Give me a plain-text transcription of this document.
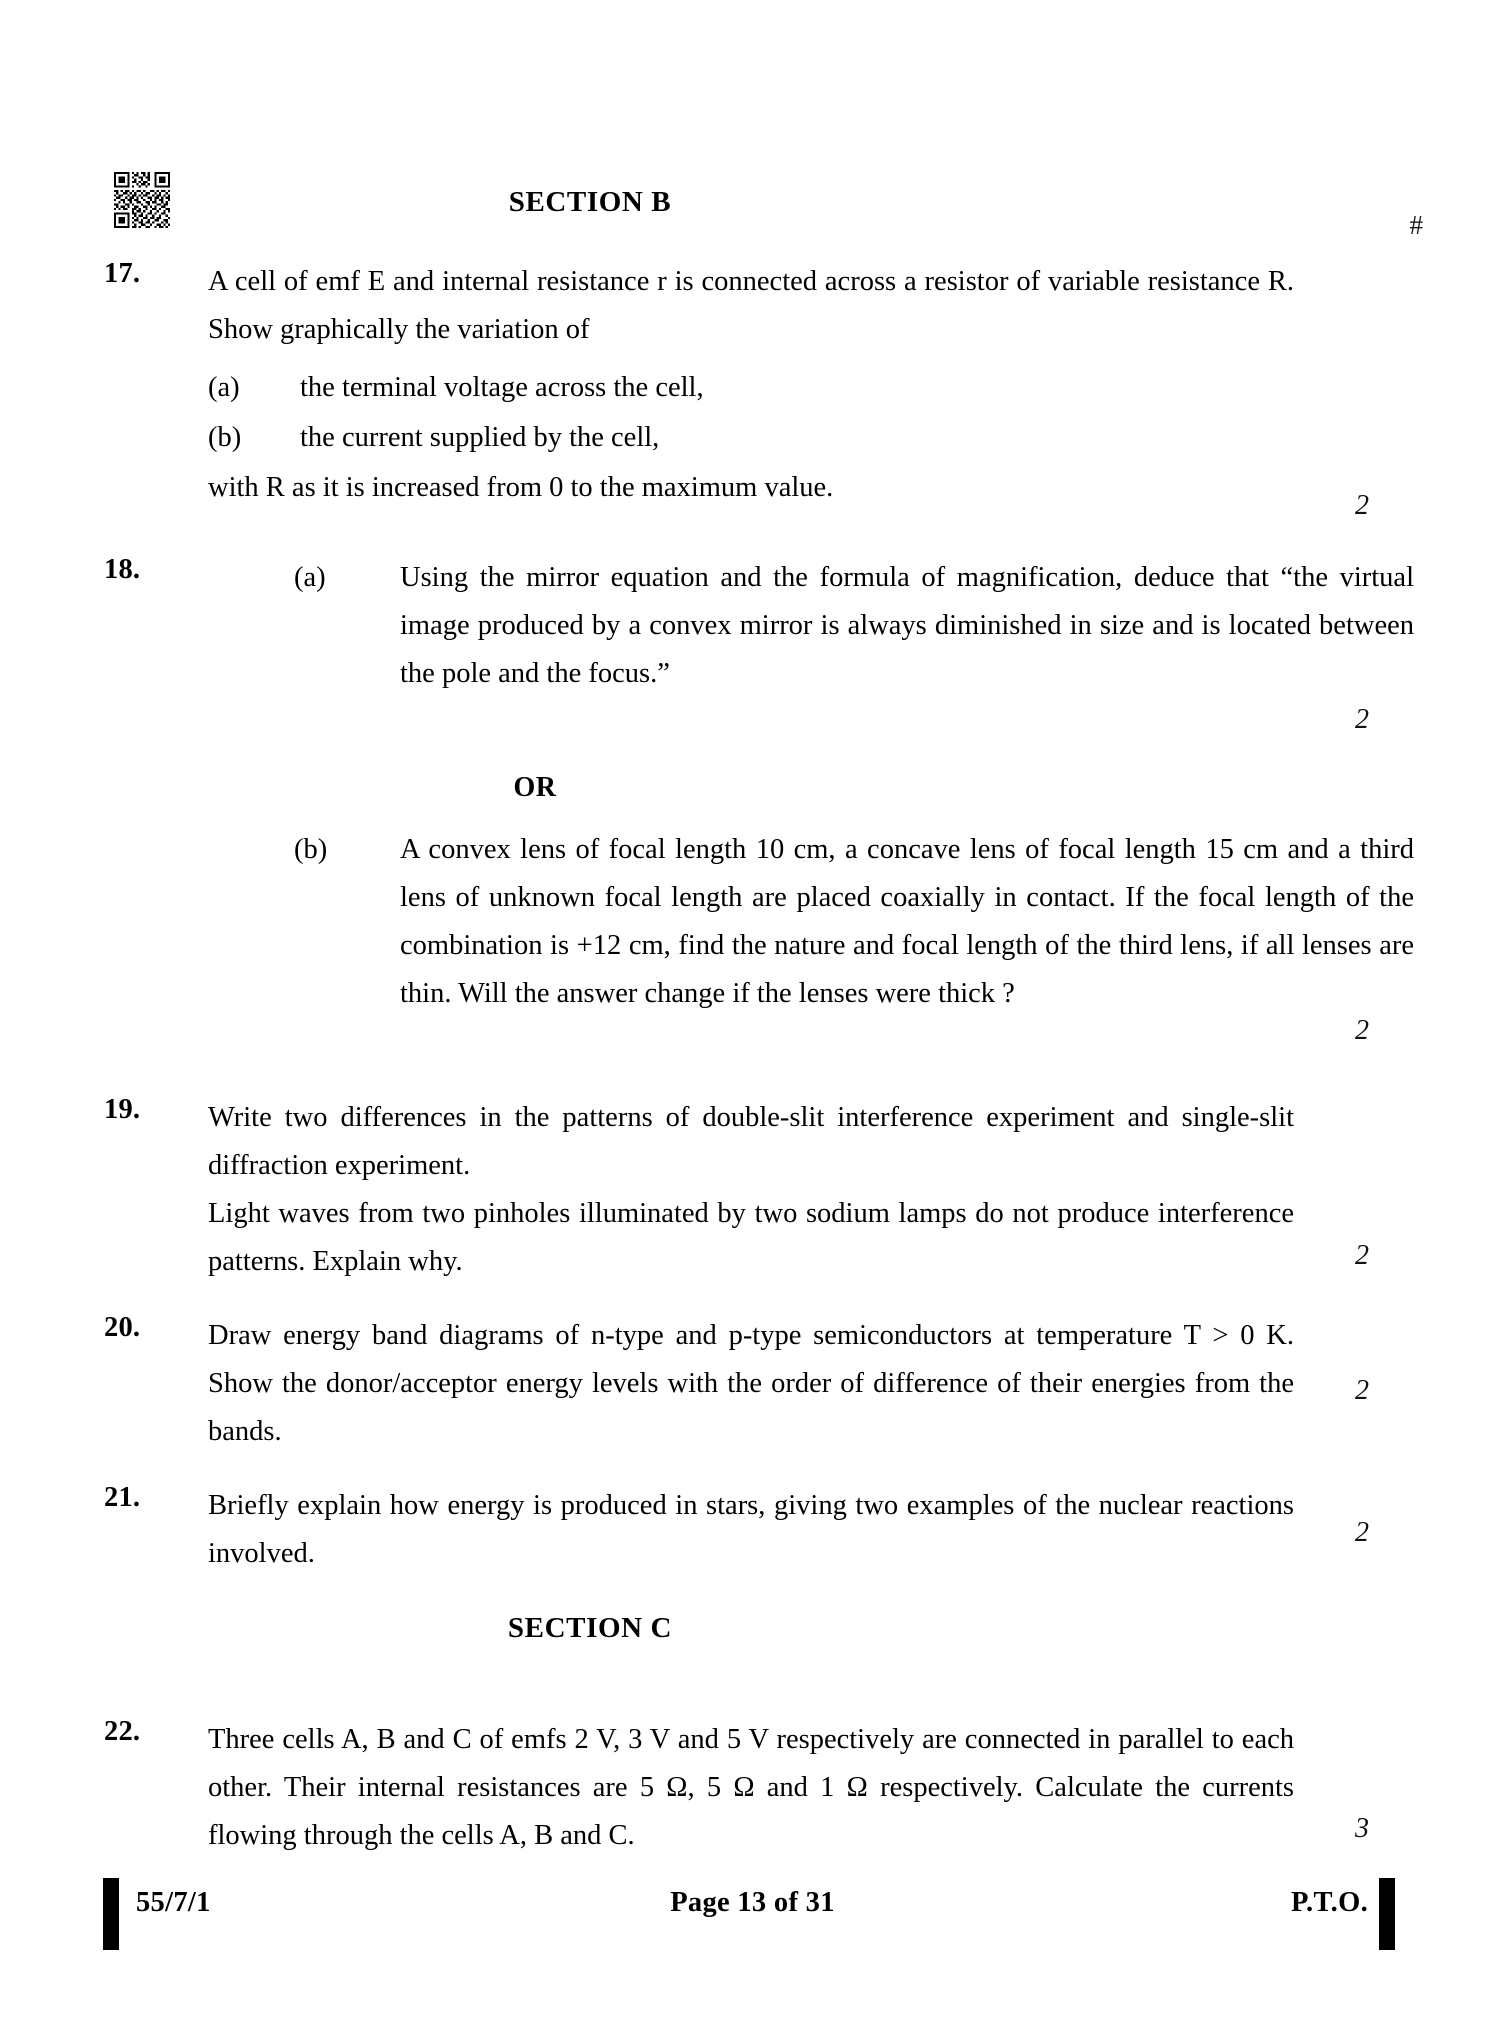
#
SECTION B
17.	A cell of emf E and internal resistance r is connected across a resistor of variable resistance R. Show graphically the variation of

(a)	the terminal voltage across the cell,
(b)	the current supplied by the cell,

with R as it is increased from 0 to the maximum value.

2
18.	(a)	Using the mirror equation and the formula of magnification, deduce that “the virtual image produced by a convex mirror is always diminished in size and is located between the pole and the focus.”
2
OR
(b)	A convex lens of focal length 10 cm, a concave lens of focal length 15 cm and a third lens of unknown focal length are placed coaxially in contact. If the focal length of the combination is +12 cm, find the nature and focal length of the third lens, if all lenses are thin. Will the answer change if the lenses were thick ?
2
19.	Write two differences in the patterns of double-slit interference experiment and single-slit diffraction experiment.

Light waves from two pinholes illuminated by two sodium lamps do not produce interference patterns. Explain why.	2
20.	Draw energy band diagrams of n-type and p-type semiconductors at temperature T > 0 K. Show the donor/acceptor energy levels with the order of difference of their energies from the bands.

2
21.	Briefly explain how energy is produced in stars, giving two examples of the nuclear reactions involved.

2
SECTION C
22.	Three cells A, B and C of emfs 2 V, 3 V and 5 V respectively are connected in parallel to each other. Their internal resistances are 5 Ω, 5 Ω and 1 Ω respectively. Calculate the currents flowing through the cells A, B and C.	3
55/7/1	Page 13 of 31	P.T.O.
